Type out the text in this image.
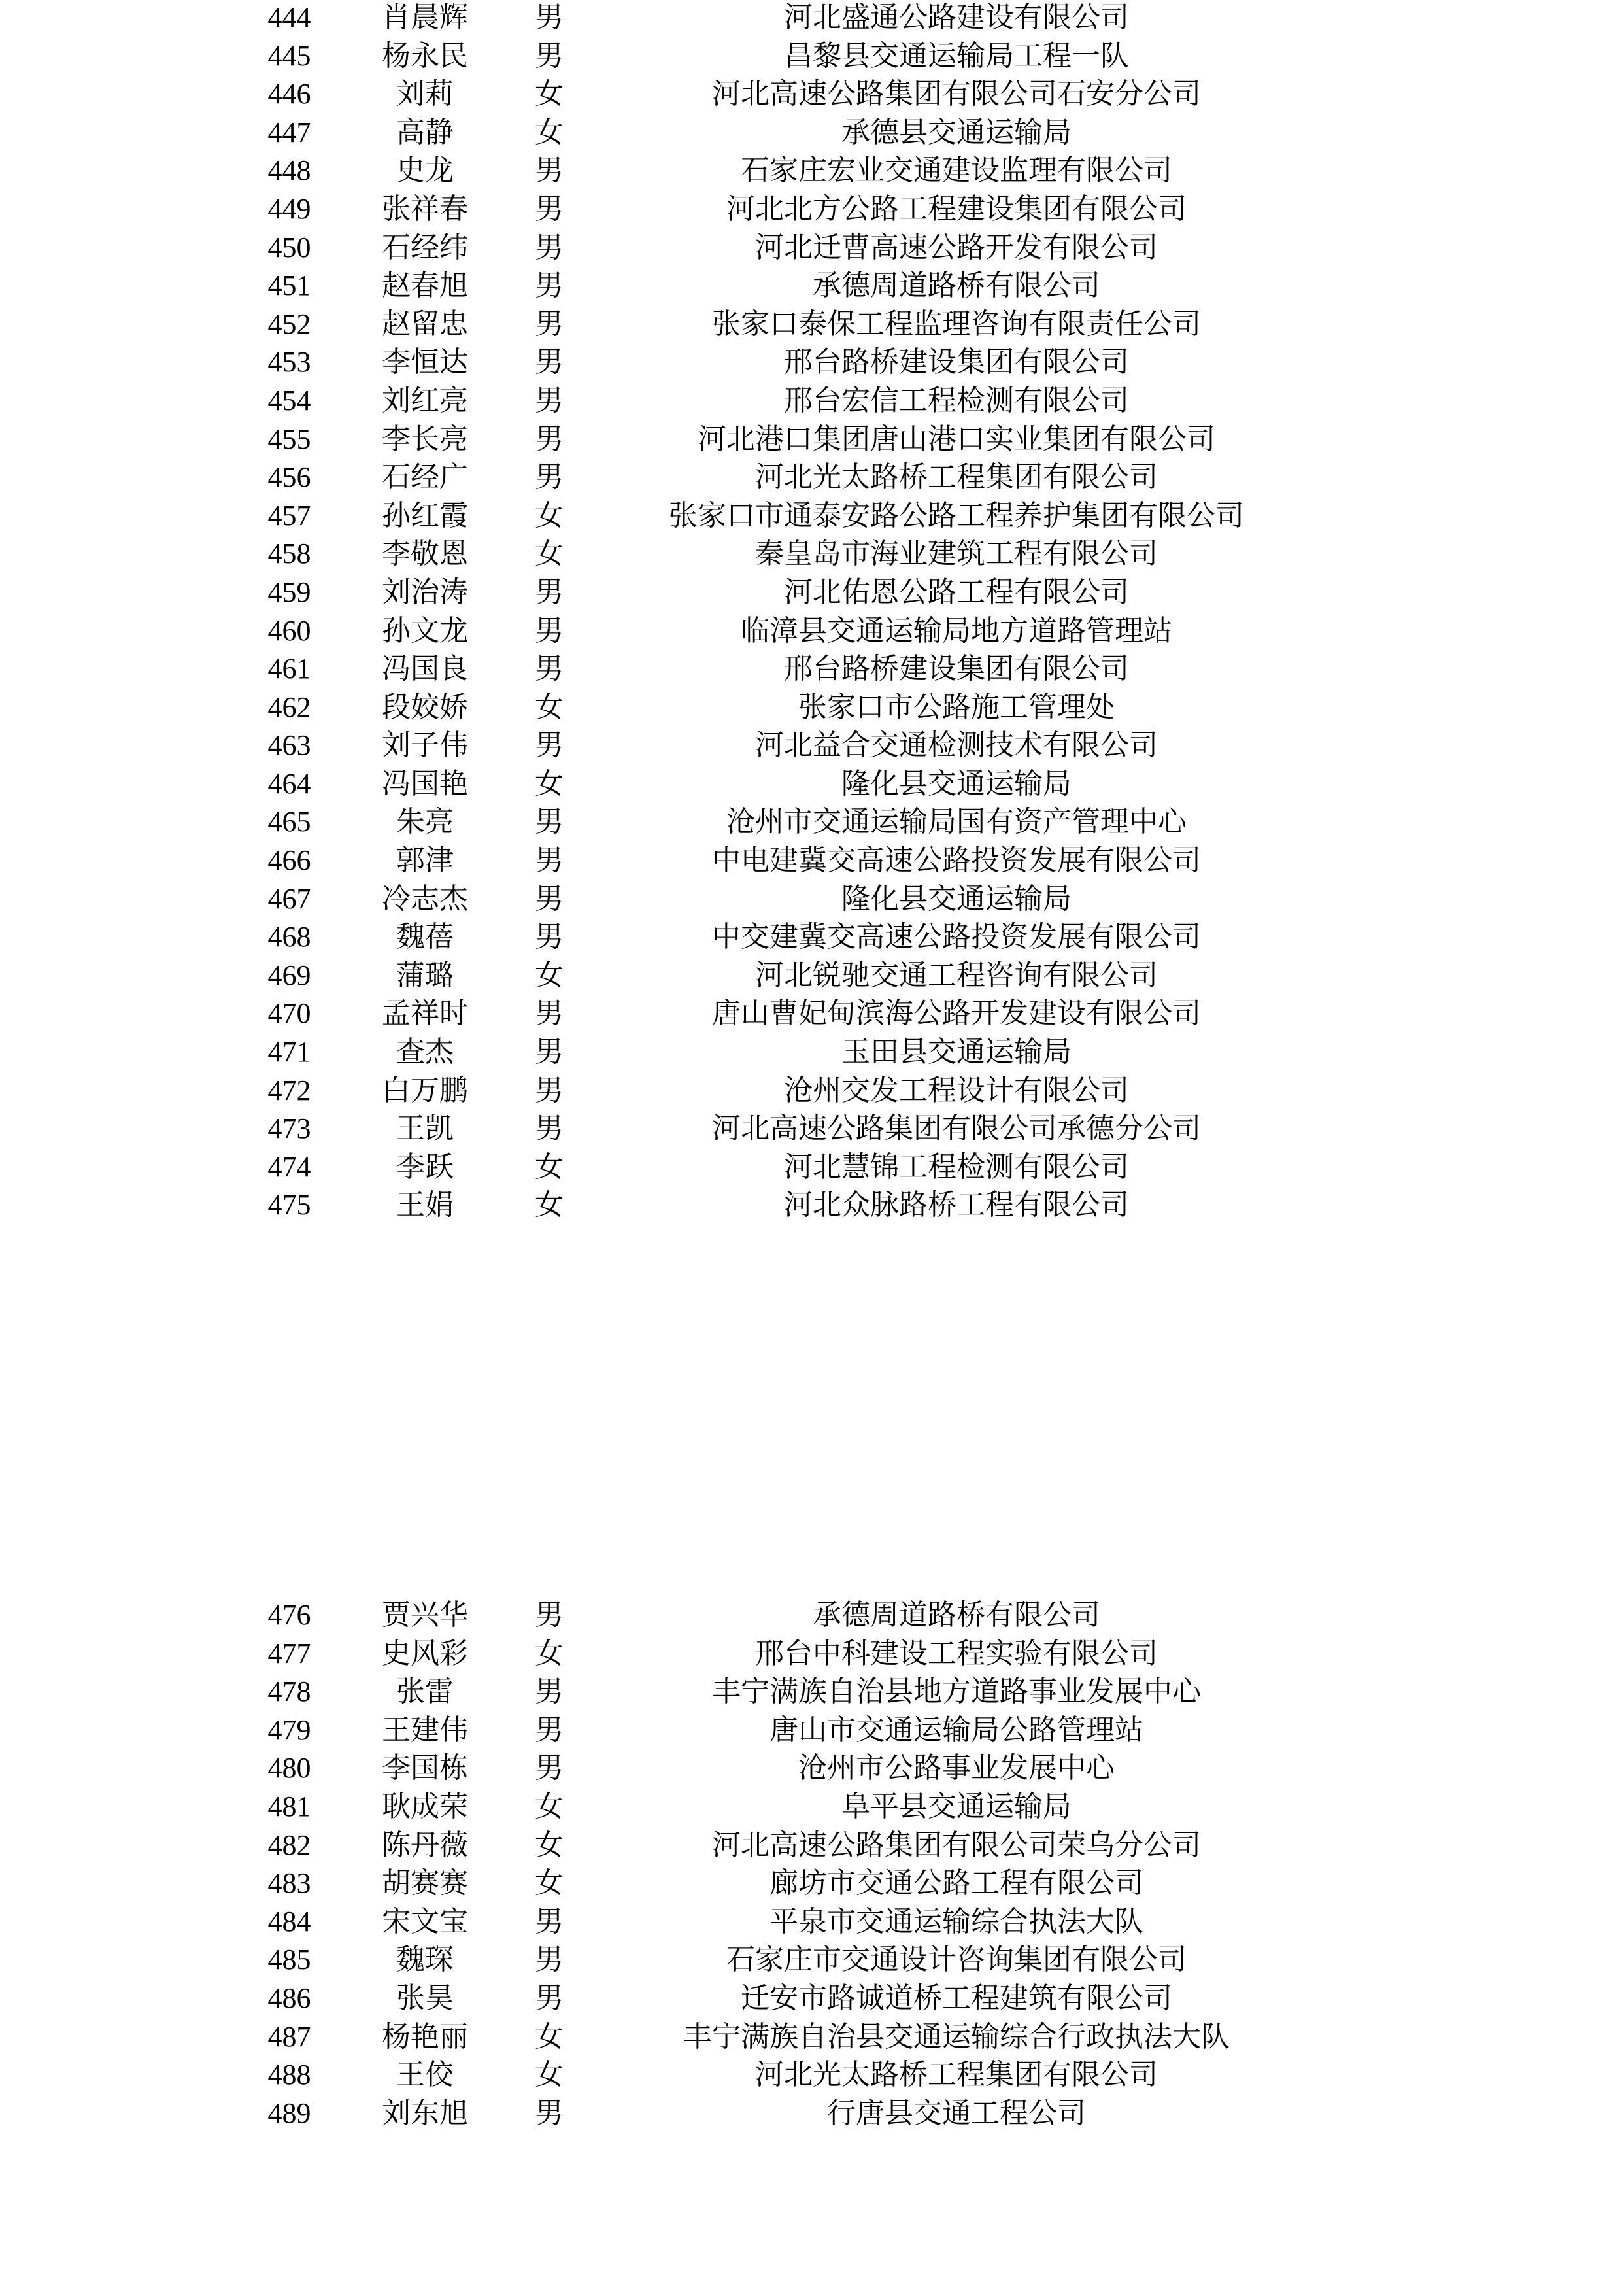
444	肖晨辉	男	河北盛通公路建设有限公司
445	杨永民	男	昌黎县交通运输局工程一队
446	刘莉	女	河北高速公路集团有限公司石安分公司
447	高静	女	承德县交通运输局
448	史龙	男	石家庄宏业交通建设监理有限公司
449	张祥春	男	河北北方公路工程建设集团有限公司
450	石经纬	男	河北迁曹高速公路开发有限公司
451	赵春旭	男	承德周道路桥有限公司
452	赵留忠	男	张家口泰保工程监理咨询有限责任公司
453	李恒达	男	邢台路桥建设集团有限公司
454	刘红亮	男	邢台宏信工程检测有限公司
455	李长亮	男	河北港口集团唐山港口实业集团有限公司
456	石经广	男	河北光太路桥工程集团有限公司
457	孙红霞	女	张家口市通泰安路公路工程养护集团有限公司
458	李敬恩	女	秦皇岛市海业建筑工程有限公司
459	刘治涛	男	河北佑恩公路工程有限公司
460	孙文龙	男	临漳县交通运输局地方道路管理站
461	冯国良	男	邢台路桥建设集团有限公司
462	段姣娇	女	张家口市公路施工管理处
463	刘子伟	男	河北益合交通检测技术有限公司
464	冯国艳	女	隆化县交通运输局
465	朱亮	男	沧州市交通运输局国有资产管理中心
466	郭津	男	中电建冀交高速公路投资发展有限公司
467	冷志杰	男	隆化县交通运输局
468	魏蓓	男	中交建冀交高速公路投资发展有限公司
469	蒲璐	女	河北锐驰交通工程咨询有限公司
470	孟祥时	男	唐山曹妃甸滨海公路开发建设有限公司
471	查杰	男	玉田县交通运输局
472	白万鹏	男	沧州交发工程设计有限公司
473	王凯	男	河北高速公路集团有限公司承德分公司
474	李跃	女	河北慧锦工程检测有限公司
475	王娟	女	河北众脉路桥工程有限公司
476	贾兴华	男	承德周道路桥有限公司
477	史风彩	女	邢台中科建设工程实验有限公司
478	张雷	男	丰宁满族自治县地方道路事业发展中心
479	王建伟	男	唐山市交通运输局公路管理站
480	李国栋	男	沧州市公路事业发展中心
481	耿成荣	女	阜平县交通运输局
482	陈丹薇	女	河北高速公路集团有限公司荣乌分公司
483	胡赛赛	女	廊坊市交通公路工程有限公司
484	宋文宝	男	平泉市交通运输综合执法大队
485	魏琛	男	石家庄市交通设计咨询集团有限公司
486	张昊	男	迁安市路诚道桥工程建筑有限公司
487	杨艳丽	女	丰宁满族自治县交通运输综合行政执法大队
488	王佼	女	河北光太路桥工程集团有限公司
489	刘东旭	男	行唐县交通工程公司
